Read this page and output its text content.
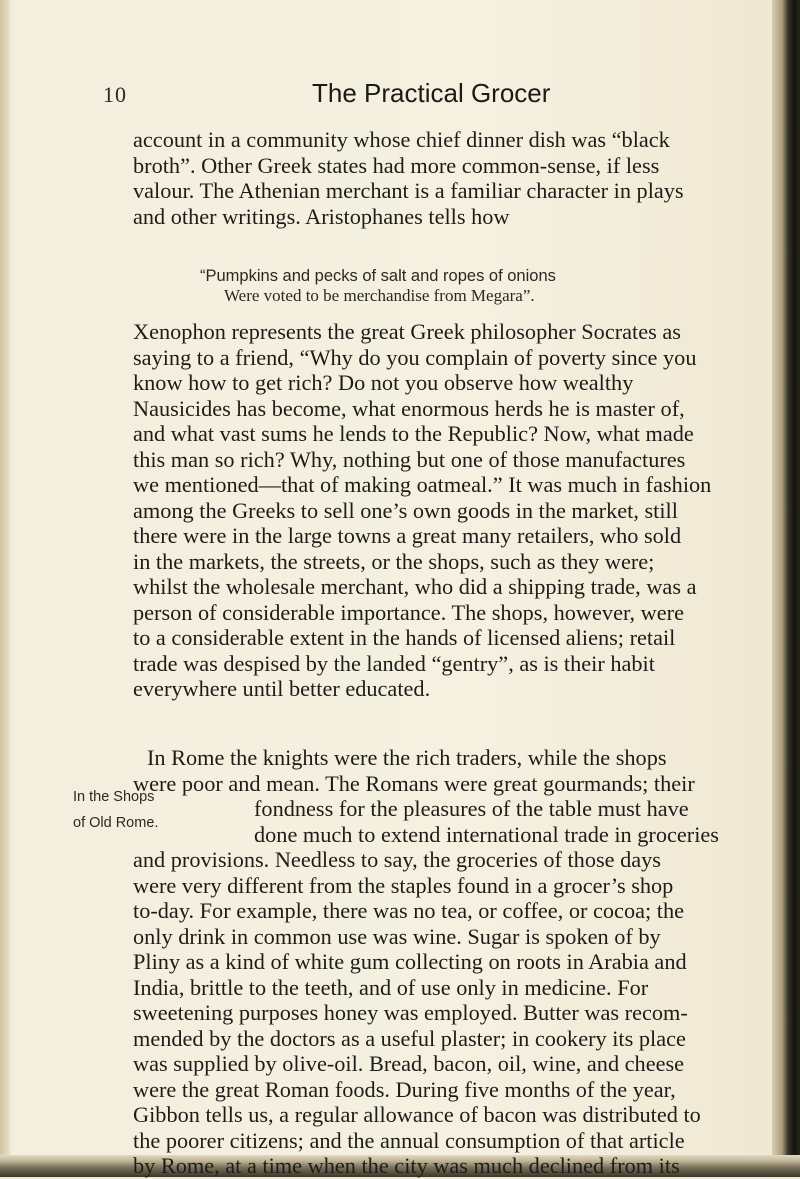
10	The Practical Grocer
account in a community whose chief dinner dish was “black
broth”. Other Greek states had more common-sense, if less
valour. The Athenian merchant is a familiar character in plays
and other writings. Aristophanes tells how
“Pumpkins and pecks of salt and ropes of onions
Were voted to be merchandise from Megara”.
Xenophon represents the great Greek philosopher Socrates as
saying to a friend, “Why do you complain of poverty since you
know how to get rich? Do not you observe how wealthy
Nausicides has become, what enormous herds he is master of,
and what vast sums he lends to the Republic? Now, what made
this man so rich? Why, nothing but one of those manufactures
we mentioned—that of making oatmeal.” It was much in fashion
among the Greeks to sell one’s own goods in the market, still
there were in the large towns a great many retailers, who sold
in the markets, the streets, or the shops, such as they were;
whilst the wholesale merchant, who did a shipping trade, was a
person of considerable importance. The shops, however, were
to a considerable extent in the hands of licensed aliens; retail
trade was despised by the landed “gentry”, as is their habit
everywhere until better educated.
In the Shops
of Old Rome.
In Rome the knights were the rich traders, while the shops
were poor and mean. The Romans were great gourmands; their
fondness for the pleasures of the table must have
done much to extend international trade in groceries
and provisions. Needless to say, the groceries of those days
were very different from the staples found in a grocer’s shop
to-day. For example, there was no tea, or coffee, or cocoa; the
only drink in common use was wine. Sugar is spoken of by
Pliny as a kind of white gum collecting on roots in Arabia and
India, brittle to the teeth, and of use only in medicine. For
sweetening purposes honey was employed. Butter was recom-
mended by the doctors as a useful plaster; in cookery its place
was supplied by olive-oil. Bread, bacon, oil, wine, and cheese
were the great Roman foods. During five months of the year,
Gibbon tells us, a regular allowance of bacon was distributed to
the poorer citizens; and the annual consumption of that article
by Rome, at a time when the city was much declined from its
